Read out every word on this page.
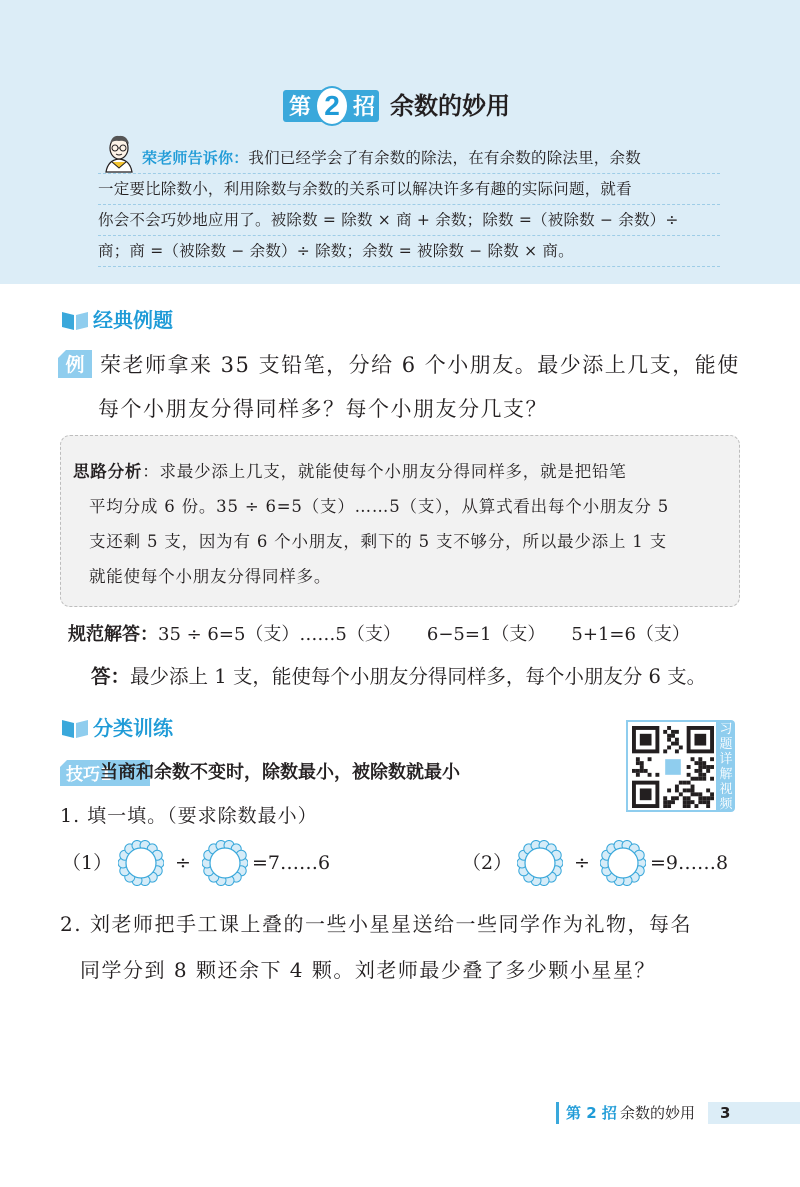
第 2 招 余数的妙用
荣老师告诉你：我们已经学会了有余数的除法，在有余数的除法里，余数
一定要比除数小，利用除数与余数的关系可以解决许多有趣的实际问题，就看
你会不会巧妙地应用了。被除数 = 除数 × 商 + 余数；除数 =（被除数 − 余数）÷
商；商 =（被除数 − 余数）÷ 除数；余数 = 被除数 − 除数 × 商。
经典例题
例 荣老师拿来 35 支铅笔，分给 6 个小朋友。最少添上几支，能使
每个小朋友分得同样多？每个小朋友分几支？
思路分析：求最少添上几支，就能使每个小朋友分得同样多，就是把铅笔
平均分成 6 份。35 ÷ 6=5（支）……5（支），从算式看出每个小朋友分 5
支还剩 5 支，因为有 6 个小朋友，剩下的 5 支不够分，所以最少添上 1 支
就能使每个小朋友分得同样多。
规范解答：35 ÷ 6=5（支）……5（支） 6−5=1（支） 5+1=6（支）
答：最少添上 1 支，能使每个小朋友分得同样多，每个小朋友分 6 支。
分类训练	习
题
详
解
视
频
技巧1
当商和余数不变时，除数最小，被除数就最小
1. 填一填。（要求除数最小）
（1）	÷	=7……6	（2）	÷	=9……8
2. 刘老师把手工课上叠的一些小星星送给一些同学作为礼物，每名
同学分到 8 颗还余下 4 颗。刘老师最少叠了多少颗小星星？
第 2 招 余数的妙用	3
